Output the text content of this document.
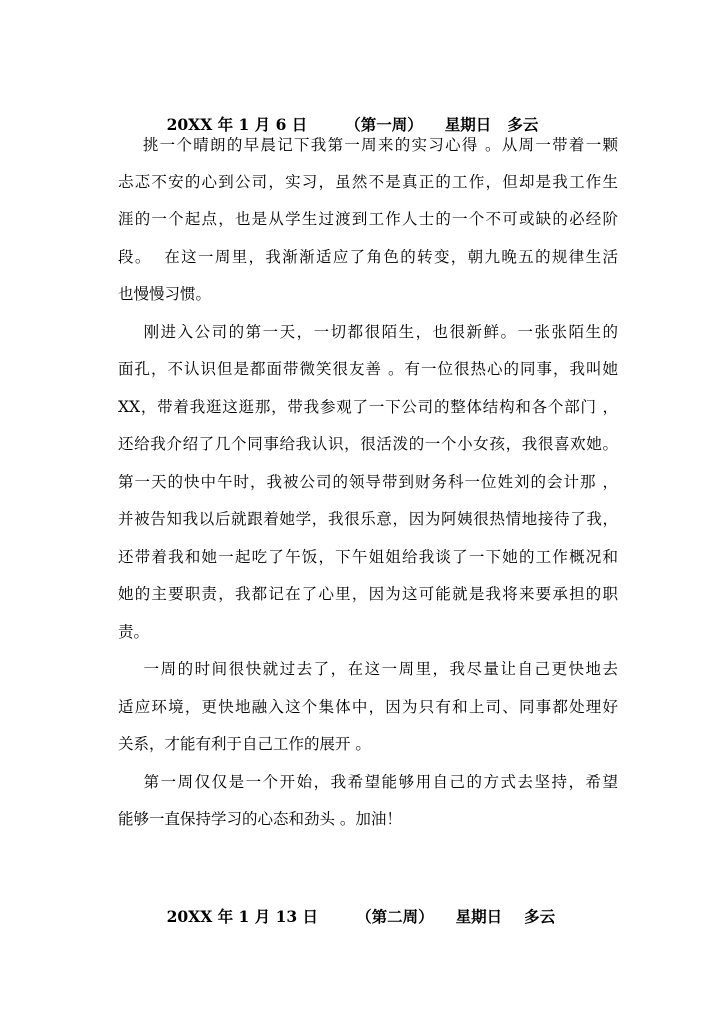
20XX 年 1 月 6 日 （第一周） 星期日 多云

挑一个晴朗的早晨记下我第一周来的实习心得 。从周一带着一颗
忐忑不安的心到公司，实习，虽然不是真正的工作，但却是我工作生
涯的一个起点，也是从学生过渡到工作人士的一个不可或缺的必经阶
段。  在这一周里，我渐渐适应了角色的转变，朝九晚五的规律生活
也慢慢习惯。
刚进入公司的第一天，一切都很陌生，也很新鲜。一张张陌生的
面孔，不认识但是都面带微笑很友善 。有一位很热心的同事，我叫她
XX，带着我逛这逛那，带我参观了一下公司的整体结构和各个部门 ，
还给我介绍了几个同事给我认识，很活泼的一个小女孩，我很喜欢她。
第一天的快中午时，我被公司的领导带到财务科一位姓刘的会计那 ，
并被告知我以后就跟着她学，我很乐意，因为阿姨很热情地接待了我，
还带着我和她一起吃了午饭，下午姐姐给我谈了一下她的工作概况和
她的主要职责，我都记在了心里，因为这可能就是我将来要承担的职
责。
一周的时间很快就过去了，在这一周里，我尽量让自己更快地去
适应环境，更快地融入这个集体中，因为只有和上司、同事都处理好
关系，才能有利于自己工作的展开 。
第一周仅仅是一个开始，我希望能够用自己的方式去坚持，希望
能够一直保持学习的心态和劲头 。加油！

20XX 年 1 月 13 日 （第二周） 星期日 多云
